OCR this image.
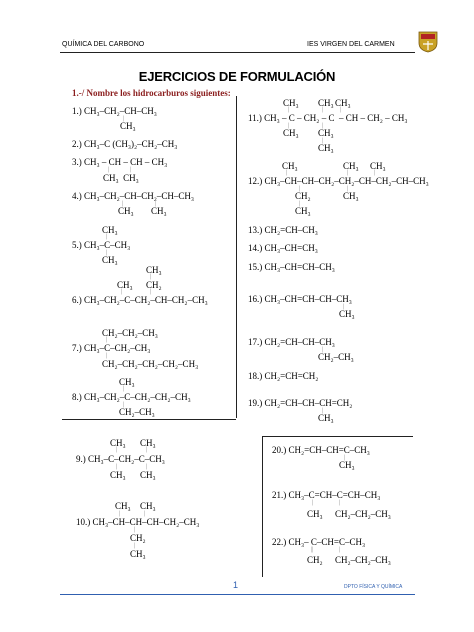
QUÍMICA DEL CARBONO	IES VIRGEN DEL CARMEN
EJERCICIOS DE FORMULACIÓN
1.-/ Nombre los hidrocarburos siguientes:
1.) CH₃–CH₂–CH–CH₃
|
CH₃
2.) CH₃–C (CH₃)₂–CH₂–CH₃
3.) CH₃ – CH – CH – CH₃
|	|
CH₃  CH₃
4.) CH₃–CH₂–CH–CH₂–CH–CH₃
|	|
CH₃ CH₃
CH₃
|
5.) CH₃–C–CH₃
|
CH₃
CH₃
|
CH₃ CH₂
|	|
6.) CH₃–CH₂–C–CH₂–CH–CH₂–CH₃
CH₂–CH₂–CH₃
|
7.) CH₃–C–CH₂–CH₃
|
CH₂–CH₂–CH₂–CH₂–CH₃
CH₃
|
8.) CH₃–CH₂–C–CH₂–CH₂–CH₃
|
CH₂–CH₃
CH₃ CH₃ CH₃
|	|	|
11.) CH₃ – C – CH₂ – C  – CH – CH₂ – CH₃
|	|
CH₃ CH₃
|
CH₃
CH₃	CH₃ CH₃
|	|	|
12.) CH₃–CH–CH–CH₂–CH₂–CH–CH₂–CH–CH₃
|	|
CH₂	CH₃
|
CH₃
13.) CH₂=CH–CH₃
14.) CH₃–CH=CH₃
15.) CH₃–CH=CH–CH₃
16.) CH₃–CH=CH–CH–CH₃
|
CH₃
17.) CH₂=CH–CH–CH₃
|
CH₂–CH₃
18.) CH₂=CH=CH₂
19.) CH₂=CH–CH–CH=CH₂
|
CH₃
CH₃ CH₃
|	|
9.) CH₃–C–CH₂–C–CH₃
|	|
CH₃ CH₃
CH₃ CH₃
|	|
10.) CH₃–CH–CH–CH–CH₂–CH₃
|
CH₂
|
CH₃
20.) CH₂=CH–CH=C–CH₃
|
CH₃
21.) CH₃–C=CH–C=CH–CH₃
|	|
CH₃ CH₂–CH₂–CH₃
22.) CH₃– C–CH=C–CH₃
||	|
CH₂ CH₂–CH₂–CH₃
1	DPTO FÍSICA Y QUÍMICA
